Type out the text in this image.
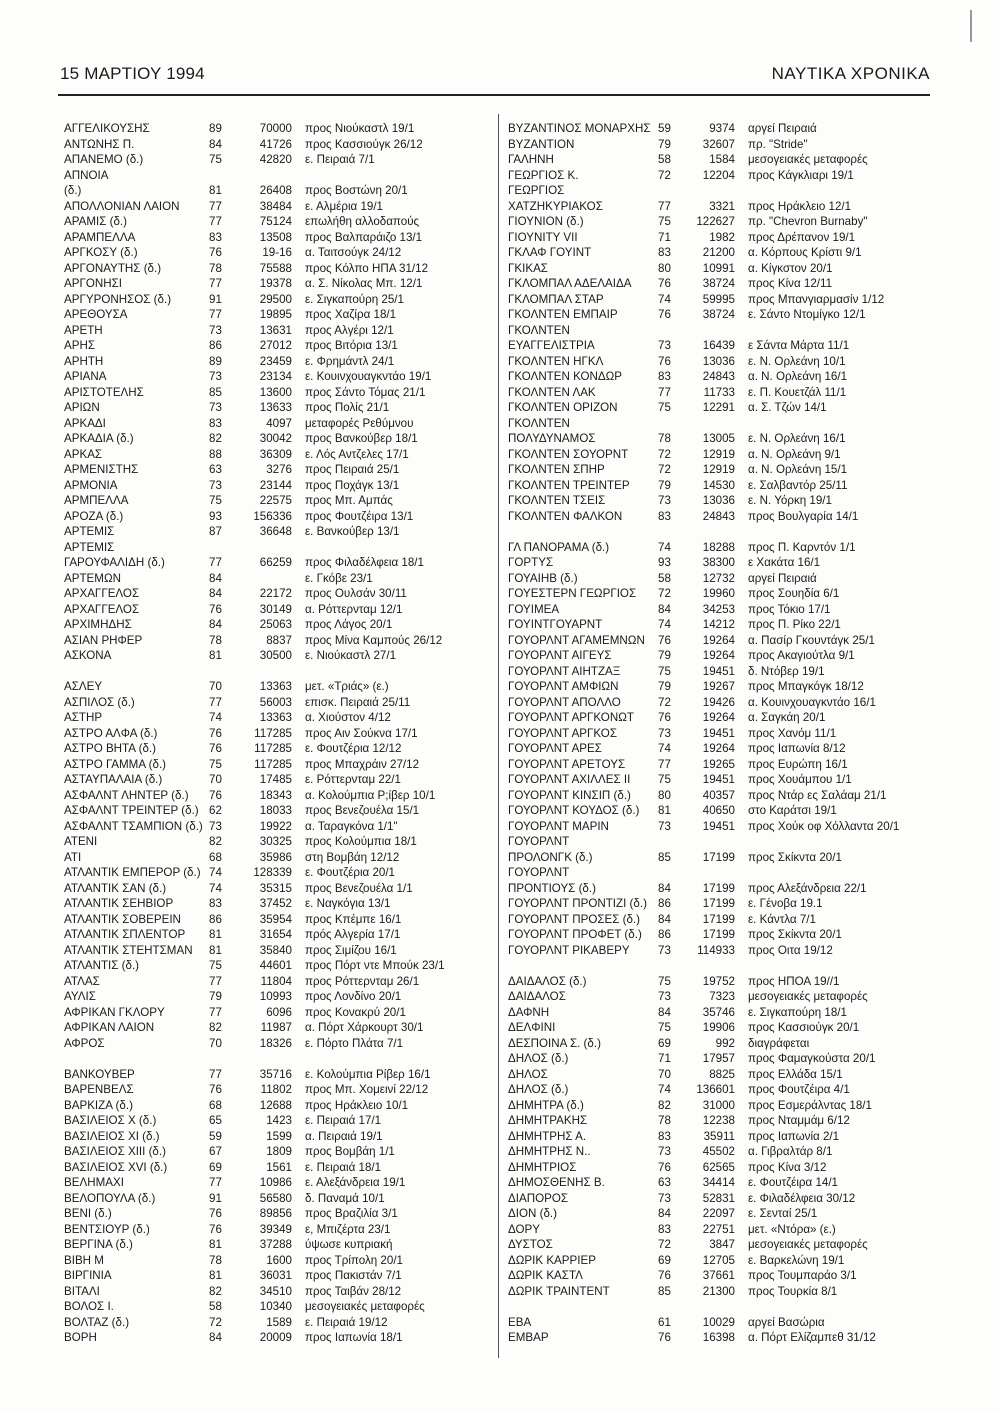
15 ΜΑΡΤΙΟΥ 1994	ΝΑΥΤΙΚΑ ΧΡΟΝΙΚΑ
ΑΓΓΕΛΙΚΟΥΣΗΣ	89	70000 προς Νιούκαστλ 19/1
ΑΝΤΩΝΗΣ Π.	84	41726 προς Κασσιούγκ 26/12
ΑΠΑΝΕΜΟ (δ.)	75	42820 ε. Πειραιά 7/1
ΑΠΝΟΙΑ
(δ.)	81	26408 προς Βοστώνη 20/1
ΑΠΟΛΛΟΝΙΑΝ ΛΑΙΟΝ	77	38484 ε. Αλμέρια 19/1
ΑΡΑΜΙΣ (δ.)	77	75124 επωλήθη αλλοδαπούς
ΑΡΑΜΠΕΛΛΑ	83	13508 προς Βαλπαράιζο 13/1
ΑΡΓΚΟΣΥ (δ.)	76	19-16 α. Ταιτσούγκ 24/12
ΑΡΓΟΝΑΥΤΗΣ (δ.)	78	75588 προς Κόλπο ΗΠΑ 31/12
ΑΡΓΟΝΗΣΙ	77	19378 α. Σ. Νίκολας Μπ. 12/1
ΑΡΓΥΡΟΝΗΣΟΣ (δ.)	91	29500 ε. Σιγκαπούρη 25/1
ΑΡΕΘΟΥΣΑ	77	19895 προς Χαζίρα 18/1
ΑΡΕΤΗ	73	13631 προς Αλγέρι 12/1
ΑΡΗΣ	86	27012 προς Βιτόρια 13/1
ΑΡΗΤΗ	89	23459 ε. Φρημάντλ 24/1
ΑΡΙΑΝΑ	73	23134 ε. Κουινχουαγκντάο 19/1
ΑΡΙΣΤΟΤΕΛΗΣ	85	13600 προς Σάντο Τόμας 21/1
ΑΡΙΩΝ	73	13633 προς Πολίς 21/1
ΑΡΚΑΔΙ	83	4097 μεταφορές Ρεθύμνου
ΑΡΚΑΔΙΑ (δ.)	82	30042 προς Βανκούβερ 18/1
ΑΡΚΑΣ	88	36309 ε. Λός Αντζελες 17/1
ΑΡΜΕΝΙΣΤΗΣ	63	3276 προς Πειραιά 25/1
ΑΡΜΟΝΙΑ	73	23144 προς Ποχάγκ 13/1
ΑΡΜΠΕΛΛΑ	75	22575 προς Μπ. Αμπάς
ΑΡΟΖΑ (δ.)	93	156336 προς Φουτζέιρα 13/1
ΑΡΤΕΜΙΣ	87	36648 ε. Βανκούβερ 13/1
ΑΡΤΕΜΙΣ
ΓΑΡΟΥΦΑΛΙΔΗ (δ.)	77	66259 προς Φιλαδέλφεια 18/1
ΑΡΤΕΜΩΝ	84	ε. Γκόβε 23/1
ΑΡΧΑΓΓΕΛΟΣ	84	22172 προς Ουλσάν 30/11
ΑΡΧΑΓΓΕΛΟΣ	76	30149 α. Ρόττερνταμ 12/1
ΑΡΧΙΜΗΔΗΣ	84	25063 προς Λάγος 20/1
ΑΣΙΑΝ ΡΗΦΕΡ	78	8837 προς Μίνα Καμπούς 26/12
ΑΣΚΟΝΑ	81	30500 ε. Νιούκαστλ 27/1
ΑΣΛΕΥ	70	13363 μετ. «Τριάς» (ε.)
ΑΣΠΙΛΟΣ (δ.)	77	56003 επισκ. Πειραιά 25/11
ΑΣΤΗΡ	74	13363 α. Χιούστον 4/12
ΑΣΤΡΟ ΑΛΦΑ (δ.)	76	117285 προς Αιν Σούκνα 17/1
ΑΣΤΡΟ ΒΗΤΑ (δ.)	76	117285 ε. Φουτζέρια 12/12
ΑΣΤΡΟ ΓΑΜΜΑ (δ.)	75	117285 προς Μπαχράιν 27/12
ΑΣΤΑΥΠΑΛΑΙΑ (δ.)	70	17485 ε. Ρόττερνταμ 22/1
ΑΣΦΑΛΝΤ ΛΗΝΤΕΡ (δ.) 76	18343 α. Κολούμπια Ρ;ίβερ 10/1
ΑΣΦΑΛΝΤ ΤΡΕΙΝΤΕΡ (δ.) 62	18033 προς Βενεζουέλα 15/1
ΑΣΦΑΛΝΤ ΤΣΑΜΠΙΟΝ (δ.) 73	19922 α. Ταραγκόνα 1/1"
ΑΤΕΝΙ	82	30325 προς Κολούμπια 18/1
ΑΤΙ	68	35986 στη Βομβάη 12/12
ΑΤΛΑΝΤΙΚ ΕΜΠΕΡΟΡ (δ.) 74	128339 ε. Φουτζέρια 20/1
ΑΤΛΑΝΤΙΚ ΣΑΝ (δ.)	74	35315 προς Βενεζουέλα 1/1
ΑΤΛΑΝΤΙΚ ΣΕΗΒΙΟΡ	83	37452 ε. Ναγκόγια 13/1
ΑΤΛΑΝΤΙΚ ΣΟΒΕΡΕΙΝ 86	35954 προς Κπέμπε 16/1
ΑΤΛΑΝΤΙΚ ΣΠΛΕΝΤΟΡ 81	31654 πρός Αλγερία 17/1
ΑΤΛΑΝΤΙΚ ΣΤΕΗΤΣΜΑΝ 81	35840 προς Σιμίζου 16/1
ΑΤΛΑΝΤΙΣ (δ.)	75	44601 προς Πόρτ ντε Μπούκ 23/1
ΑΤΛΑΣ	77	11804 προς Ρόττερνταμ 26/1
ΑΥΛΙΣ	79	10993 προς Λονδίνο 20/1
ΑΦΡΙΚΑΝ ΓΚΛΟΡΥ	77	6096 προς Κονακρύ 20/1
ΑΦΡΙΚΑΝ ΛΑΙΟΝ	82	11987 α. Πόρτ Χάρκουρτ 30/1
ΑΦΡΟΣ	70	18326 ε. Πόρτο Πλάτα 7/1
ΒΑΝΚΟΥΒΕΡ	77	35716 ε. Κολούμπια Ρίβερ 16/1
ΒΑΡΕΝΒΕΛΣ	76	11802 προς Μπ. Χομεινί 22/12
ΒΑΡΚΙΖΑ (δ.)	68	12688 προς Ηράκλειο 10/1
ΒΑΣΙΛΕΙΟΣ Χ (δ.)	65	1423 ε. Πειραιά 17/1
ΒΑΣΙΛΕΙΟΣ ΧΙ (δ.)	59	1599 α. Πειραιά 19/1
ΒΑΣΙΛΕΙΟΣ ΧΙΙΙ (δ.)	67	1809 προς Βομβάη 1/1
ΒΑΣΙΛΕΙΟΣ ΧVΙ (δ.)	69	1561 ε. Πειραιά 18/1
ΒΕΛΗΜΑΧΙ	77	10986 ε. Αλεξάνδρεια 19/1
ΒΕΛΟΠΟΥΛΑ (δ.)	91	56580 δ. Παναμά 10/1
ΒΕΝΙ (δ.)	76	89856 προς Βραζιλία 3/1
ΒΕΝΤΣΙΟΥΡ (δ.)	76	39349 ε, Μπιζέρτα 23/1
ΒΕΡΓΙΝΑ (δ.)	81	37288 ύψωσε κυπριακή
ΒΙΒΗ Μ	78	1600 προς Τρίπολη 20/1
ΒΙΡΓΙΝΙΑ	81	36031 προς Πακιστάν 7/1
ΒΙΤΑΛΙ	82	34510 προς Ταιβάν 28/12
ΒΟΛΟΣ Ι.	58	10340 μεσογειακές μεταφορές
ΒΟΛΤΑΖ (δ.)	72	1589 ε. Πειραιά 19/12
ΒΟΡΗ	84	20009 προς Ιαπωνία 18/1
ΒΥΖΑΝΤΙΝΟΣ ΜΟΝΑΡΧΗΣ 59	9374 αργεί Πειραιά
ΒΥΖΑΝΤΙΟΝ	79	32607 πρ. "Stride"
ΓΑΛΗΝΗ	58	1584 μεσογειακές μεταφορές
ΓΕΩΡΓΙΟΣ Κ.	72	12204 προς Κάγκλιαρι 19/1
ΓΕΩΡΓΙΟΣ
ΧΑΤΖΗΚΥΡΙΑΚΟΣ	77	3321 προς Ηράκλειο 12/1
ΓΙΟΥΝΙΟΝ (δ.)	75	122627 πρ. "Chevron Burnaby"
ΓΙΟΥΝΙΤΥ VII	71	1982 προς Δρέπανον 19/1
ΓΚΛΑΦ ΓΟΥΙΝΤ	83	21200 α. Κόρπους Κρίστι 9/1
ΓΚΙΚΑΣ	80	10991 α. Κίγκστον 20/1
ΓΚΛΟΜΠΑΛ ΑΔΕΛΑΙΔΑ 76	38724 προς Κίνα 12/11
ΓΚΛΟΜΠΑΛ ΣΤΑΡ	74	59995 προς Μπανγιαρμασίν 1/12
ΓΚΟΛΝΤΕΝ ΕΜΠΑΙΡ	76	38724 ε. Σάντο Ντομίγκο 12/1
ΓΚΟΛΝΤΕΝ
ΕΥΑΓΓΕΛΙΣΤΡΙΑ	73	16439 ε Σάντα Μάρτα 11/1
ΓΚΟΛΝΤΕΝ ΗΓΚΛ	76	13036 ε. Ν. Ορλεάνη 10/1
ΓΚΟΛΝΤΕΝ ΚΟΝΔΩΡ	83	24843 α. Ν. Ορλεάνη 16/1
ΓΚΟΛΝΤΕΝ ΛΑΚ	77	11733 ε. Π. Κουετζάλ 11/1
ΓΚΟΛΝΤΕΝ ΟΡΙΖΟΝ	75	12291 α. Σ. Τζών 14/1
ΓΚΟΛΝΤΕΝ
ΠΟΛΥΔΥΝΑΜΟΣ	78	13005 ε. Ν. Ορλεάνη 16/1
ΓΚΟΛΝΤΕΝ ΣΟΥΟΡΝΤ	72	12919 α. Ν. Ορλεάνη 9/1
ΓΚΟΛΝΤΕΝ ΣΠΗΡ	72	12919 α. Ν. Ορλεάνη 15/1
ΓΚΟΛΝΤΕΝ ΤΡΕΙΝΤΕΡ 79	14530 ε. Σαλβαντόρ 25/11
ΓΚΟΛΝΤΕΝ ΤΣΕΙΣ	73	13036 ε. Ν. Υόρκη 19/1
ΓΚΟΛΝΤΕΝ ΦΑΛΚΟΝ	83	24843 προς Βουλγαρία 14/1
ΓΛ ΠΑΝΟΡΑΜΑ (δ.)	74	18288 προς Π. Καρντόν 1/1
ΓΟΡΤΥΣ	93	38300 ε Χακάτα 16/1
ΓΟΥΑΙΗΒ (δ.)	58	12732 αργεί Πειραιά
ΓΟΥΕΣΤΕΡΝ ΓΕΩΡΓΙΟΣ 72	19960 προς Σουηδία 6/1
ΓΟΥΙΜΕΑ	84	34253 προς Τόκιο 17/1
ΓΟΥΙΝΤΓΟΥΑΡΝΤ	74	14212 προς Π. Ρίκο 22/1
ΓΟΥΟΡΛΝΤ ΑΓΑΜΕΜΝΩΝ 76	19264 α. Πασίρ Γκουντάγκ 25/1
ΓΟΥΟΡΛΝΤ ΑΙΓΕΥΣ	79	19264 προς Ακαγιούτλα 9/1
ΓΟΥΟΡΛΝΤ ΑΙΗΤΖΑΞ	75	19451 δ. Ντόβερ 19/1
ΓΟΥΟΡΛΝΤ ΑΜΦΙΩΝ	79	19267 προς Μπαγκόγκ 18/12
ΓΟΥΟΡΛΝΤ ΑΠΟΛΛΟ	72	19426 α. Κουινχουαγκντάο 16/1
ΓΟΥΟΡΛΝΤ ΑΡΓΚΟΝΩΤ 76	19264 α. Σαγκάη 20/1
ΓΟΥΟΡΛΝΤ ΑΡΓΚΟΣ	73	19451 προς Χανόμ 11/1
ΓΟΥΟΡΛΝΤ ΑΡΕΣ	74	19264 προς Ιαπωνία 8/12
ΓΟΥΟΡΛΝΤ ΑΡΕΤΟΥΣ	77	19265 προς Ευρώπη 16/1
ΓΟΥΟΡΛΝΤ ΑΧΙΛΛΕΣ ΙΙ 75	19451 προς Χουάμπου 1/1
ΓΟΥΟΡΛΝΤ ΚΙΝΣΙΠ (δ.) 80	40357 προς Ντάρ ες Σαλάαμ 21/1
ΓΟΥΟΡΛΝΤ ΚΟΥΔΟΣ (δ.) 81	40650 στο Καράτσι 19/1
ΓΟΥΟΡΛΝΤ ΜΑΡΙΝ	73	19451 προς Χούκ οφ Χόλλαντα 20/1
ΓΟΥΟΡΛΝΤ
ΠΡΟΛΟΝΓΚ (δ.)	85	17199 προς Σκίκντα 20/1
ΓΟΥΟΡΛΝΤ
ΠΡΟΝΤΙΟΥΣ (δ.)	84	17199 προς Αλεξάνδρεια 22/1
ΓΟΥΟΡΛΝΤ ΠΡΟΝΤΙΖΙ (δ.) 86	17199 ε. Γένοβα 19.1
ΓΟΥΟΡΛΝΤ ΠΡΟΣΕΣ (δ.) 84	17199 ε. Κάντλα 7/1
ΓΟΥΟΡΛΝΤ ΠΡΟΦΕΤ (δ.) 86	17199 προς Σκίκντα 20/1
ΓΟΥΟΡΛΝΤ ΡΙΚΑΒΕΡΥ 73	114933 προς Οιτα 19/12
ΔΑΙΔΑΛΟΣ (δ.)	75	19752 προς ΗΠΟΑ 19//1
ΔΑΙΔΑΛΟΣ	73	7323 μεσογειακές μεταφορές
ΔΑΦΝΗ	84	35746 ε. Σιγκαπούρη 18/1
ΔΕΛΦΙΝΙ	75	19906 προς Κασσιούγκ 20/1
ΔΕΣΠΟΙΝΑ Σ. (δ.)	69	992 διαγράφεται
ΔΗΛΟΣ (δ.)	71	17957 προς Φαμαγκούστα 20/1
ΔΗΛΟΣ	70	8825 προς Ελλάδα 15/1
ΔΗΛΟΣ (δ.)	74	136601 προς Φουτζέιρα 4/1
ΔΗΜΗΤΡΑ (δ.)	82	31000 προς Εσμεράλντας 18/1
ΔΗΜΗΤΡΑΚΗΣ	78	12238 προς Νταμμάμ 6/12
ΔΗΜΗΤΡΗΣ Α.	83	35911 προς Ιαπωνία 2/1
ΔΗΜΗΤΡΗΣ Ν..	73	45502 α. Γιβραλτάρ 8/1
ΔΗΜΗΤΡΙΟΣ	76	62565 προς Κίνα 3/12
ΔΗΜΟΣΘΕΝΗΣ Β.	63	34414 ε. Φουτζέιρα 14/1
ΔΙΑΠΟΡΟΣ	73	52831 ε. Φιλαδέλφεια 30/12
ΔΙΟΝ (δ.)	84	22097 ε. Σενταί 25/1
ΔΟΡΥ	83	22751 μετ. «Ντόρα» (ε.)
ΔΥΣΤΟΣ	72	3847 μεσογειακές μεταφορές
ΔΩΡΙΚ ΚΑΡΡΙΕΡ	69	12705 ε. Βαρκελώνη 19/1
ΔΩΡΙΚ ΚΑΣΤΛ	76	37661 προς Τουμπαράο 3/1
ΔΩΡΙΚ ΤΡΑΙΝΤΕΝΤ	85	21300 προς Τουρκία 8/1
ΕΒΑ	61	10029 αργεί Βασώρια
ΕΜΒΑΡ	76	16398 α. Πόρτ Ελίζαμπεθ 31/12
